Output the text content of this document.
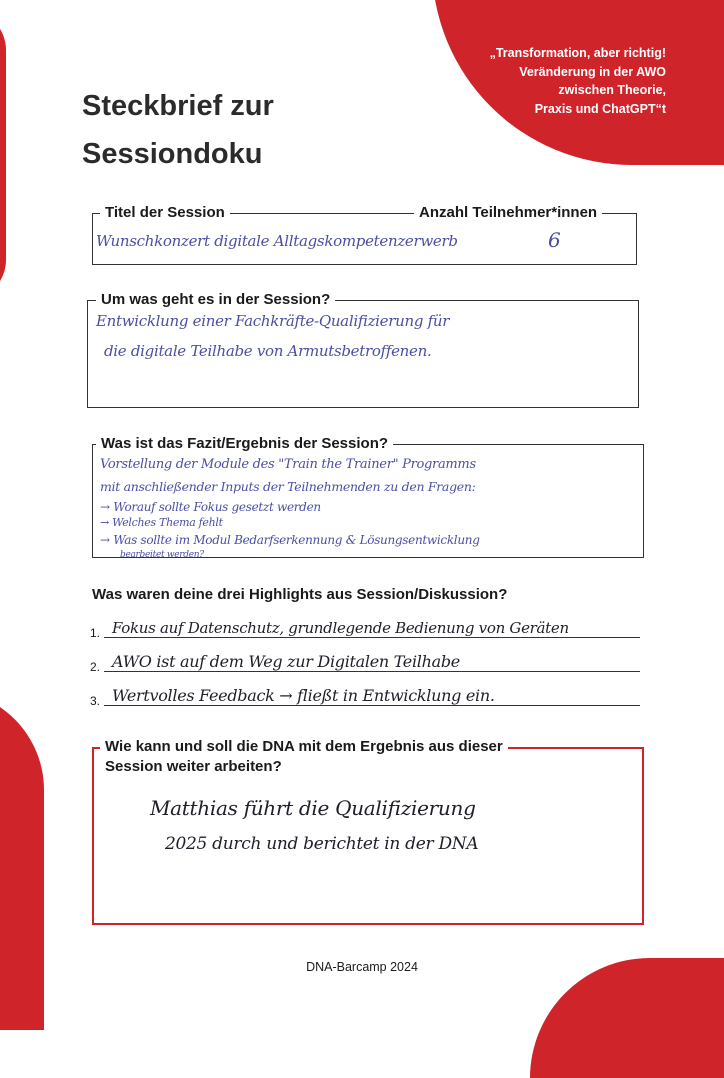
„Transformation, aber richtig!
Veränderung in der AWO
zwischen Theorie,
Praxis und ChatGPT“t
Steckbrief zur
Sessiondoku
Titel der Session	Anzahl Teilnehmer*innen
Wunschkonzert digitale Alltagskompetenzerwerb	6
Um was geht es in der Session?
Entwicklung einer Fachkräfte-Qualifizierung für
die digitale Teilhabe von Armutsbetroffenen.
Was ist das Fazit/Ergebnis der Session?
Vorstellung der Module des "Train the Trainer" Programms
mit anschließender Inputs der Teilnehmenden zu den Fragen:
→ Worauf sollte Fokus gesetzt werden
→ Welches Thema fehlt
→ Was sollte im Modul Bedarfserkennung & Lösungsentwicklung
bearbeitet werden?
Was waren deine drei Highlights aus Session/Diskussion?
1. Fokus auf Datenschutz, grundlegende Bedienung von Geräten
2. AWO ist auf dem Weg zur Digitalen Teilhabe
3. Wertvolles Feedback → fließt in Entwicklung ein.
Wie kann und soll die DNA mit dem Ergebnis aus dieser
Session weiter arbeiten?
Matthias führt die Qualifizierung
2025 durch und berichtet in der DNA
DNA-Barcamp 2024
